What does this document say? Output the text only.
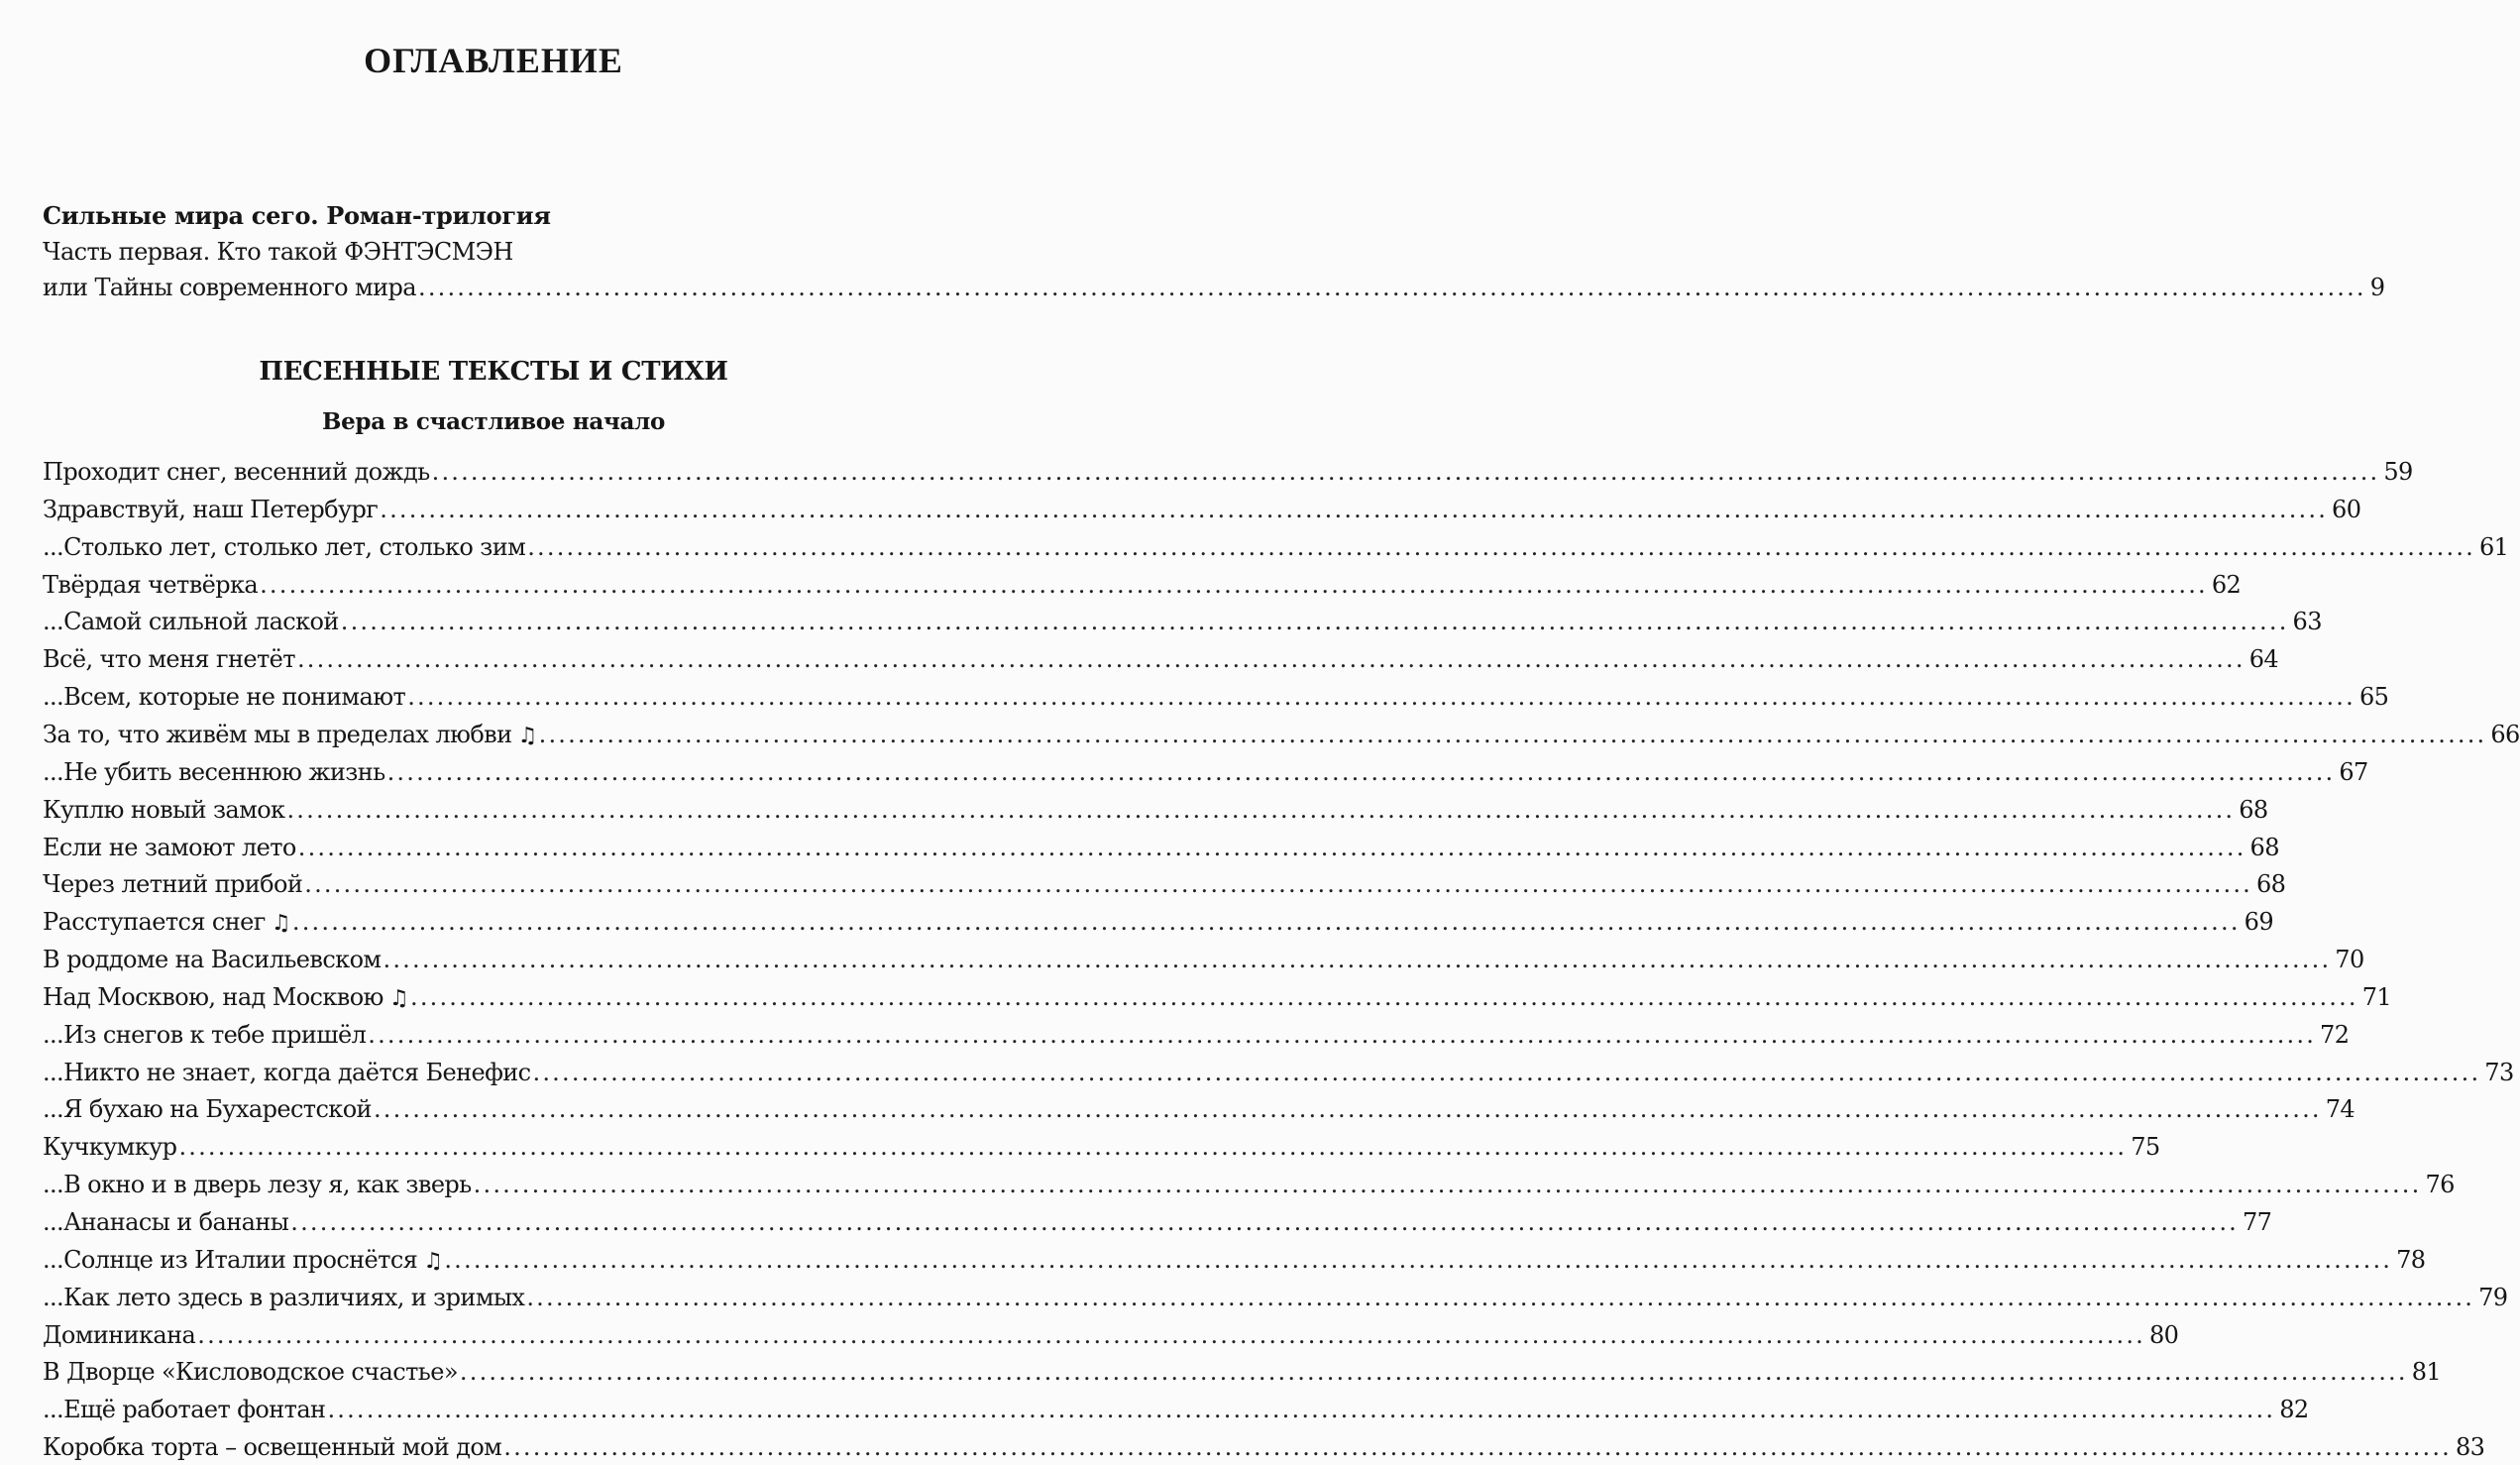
ОГЛАВЛЕНИЕ
Сильные мира сего. Роман-трилогия
Часть первая. Кто такой ФЭНТЭСМЭН
или Тайны современного мира ........................................................................................................................................................................................................ 9
ПЕСЕННЫЕ ТЕКСТЫ И СТИХИ
Вера в счастливое начало
Проходит снег, весенний дождь ........................................................................................................................................................................................................ 59
Здравствуй, наш Петербург ........................................................................................................................................................................................................ 60
...Столько лет, столько лет, столько зим ........................................................................................................................................................................................................ 61
Твёрдая четвёрка ........................................................................................................................................................................................................ 62
...Самой сильной лаской ........................................................................................................................................................................................................ 63
Всё, что меня гнетёт ........................................................................................................................................................................................................ 64
...Всем, которые не понимают ........................................................................................................................................................................................................ 65
За то, что живём мы в пределах любви ♫ ........................................................................................................................................................................................................ 66
...Не убить весеннюю жизнь ........................................................................................................................................................................................................ 67
Куплю новый замок ........................................................................................................................................................................................................ 68
Если не замоют лето ........................................................................................................................................................................................................ 68
Через летний прибой ........................................................................................................................................................................................................ 68
Расступается снег ♫ ........................................................................................................................................................................................................ 69
В роддоме на Васильевском ........................................................................................................................................................................................................ 70
Над Москвою, над Москвою ♫ ........................................................................................................................................................................................................ 71
...Из снегов к тебе пришёл ........................................................................................................................................................................................................ 72
...Никто не знает, когда даётся Бенефис ........................................................................................................................................................................................................ 73
...Я бухаю на Бухарестской ........................................................................................................................................................................................................ 74
Кучкумкур ........................................................................................................................................................................................................ 75
...В окно и в дверь лезу я, как зверь ........................................................................................................................................................................................................ 76
...Ананасы и бананы ........................................................................................................................................................................................................ 77
...Солнце из Италии проснётся ♫ ........................................................................................................................................................................................................ 78
...Как лето здесь в различиях, и зримых ........................................................................................................................................................................................................ 79
Доминикана ........................................................................................................................................................................................................ 80
В Дворце «Кисловодское счастье» ........................................................................................................................................................................................................ 81
...Ещё работает фонтан ........................................................................................................................................................................................................ 82
Коробка торта – освещенный мой дом ........................................................................................................................................................................................................ 83
